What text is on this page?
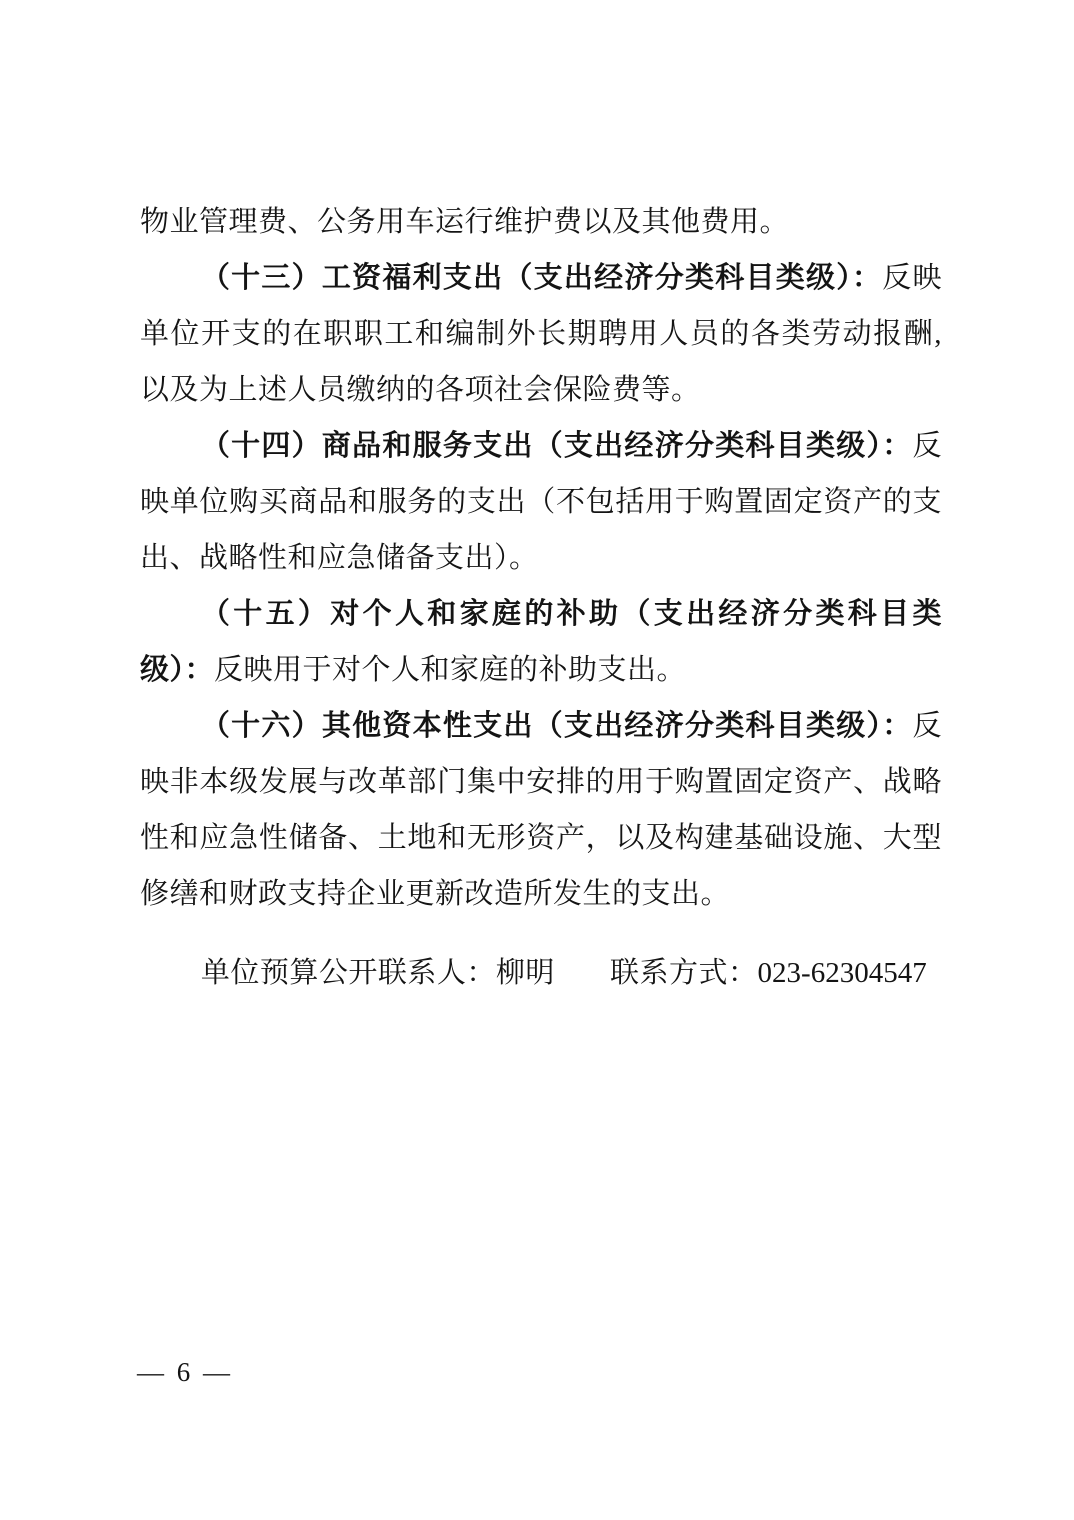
物业管理费、公务用车运行维护费以及其他费用。

（十三）工资福利支出（支出经济分类科目类级）：反映单位开支的在职职工和编制外长期聘用人员的各类劳动报酬,以及为上述人员缴纳的各项社会保险费等。

（十四）商品和服务支出（支出经济分类科目类级）：反映单位购买商品和服务的支出（不包括用于购置固定资产的支出、战略性和应急储备支出）。

（十五）对个人和家庭的补助（支出经济分类科目类级）：反映用于对个人和家庭的补助支出。

（十六）其他资本性支出（支出经济分类科目类级）：反映非本级发展与改革部门集中安排的用于购置固定资产、战略性和应急性储备、土地和无形资产，以及构建基础设施、大型修缮和财政支持企业更新改造所发生的支出。

单位预算公开联系人：柳明 联系方式：023-62304547

— 6 —
